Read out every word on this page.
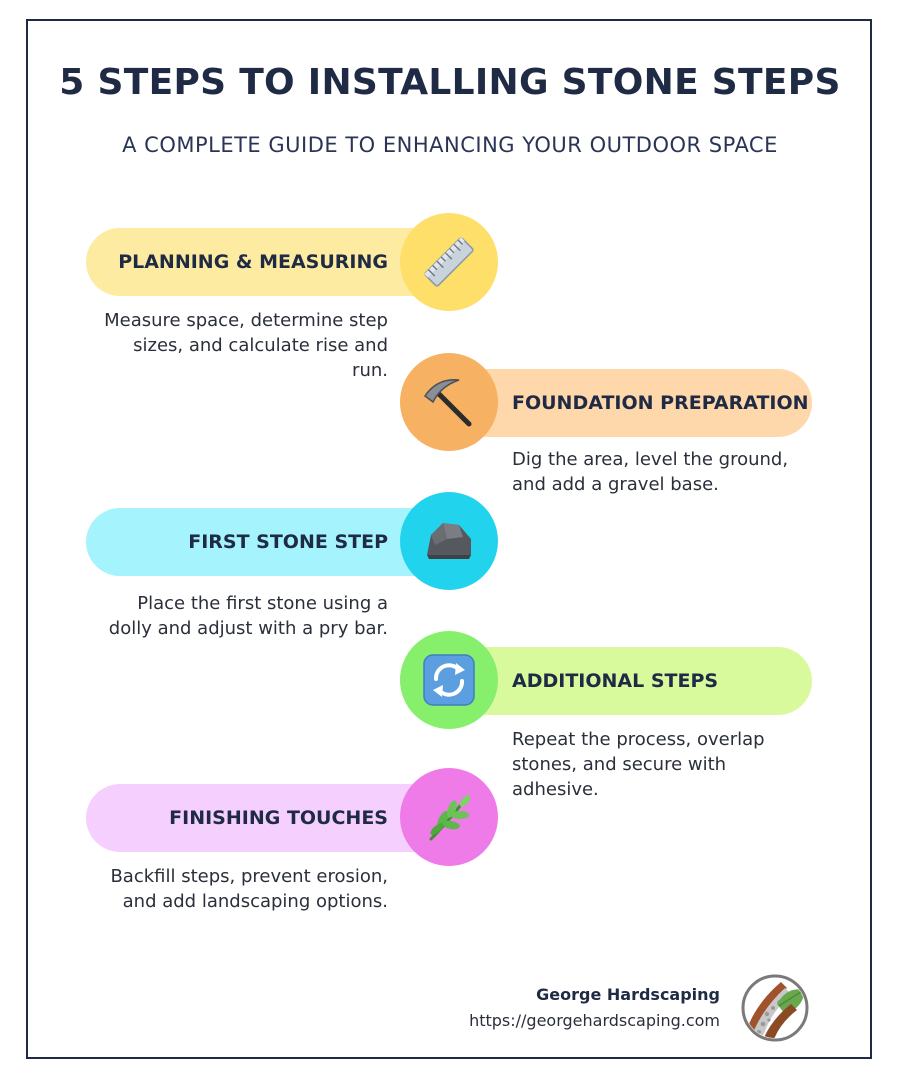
5 STEPS TO INSTALLING STONE STEPS
A COMPLETE GUIDE TO ENHANCING YOUR OUTDOOR SPACE
PLANNING & MEASURING
Measure space, determine step sizes, and calculate rise and run.
FOUNDATION PREPARATION
Dig the area, level the ground, and add a gravel base.
FIRST STONE STEP
Place the first stone using a dolly and adjust with a pry bar.
ADDITIONAL STEPS
Repeat the process, overlap stones, and secure with adhesive.
FINISHING TOUCHES
Backfill steps, prevent erosion, and add landscaping options.
George Hardscaping
https://georgehardscaping.com
